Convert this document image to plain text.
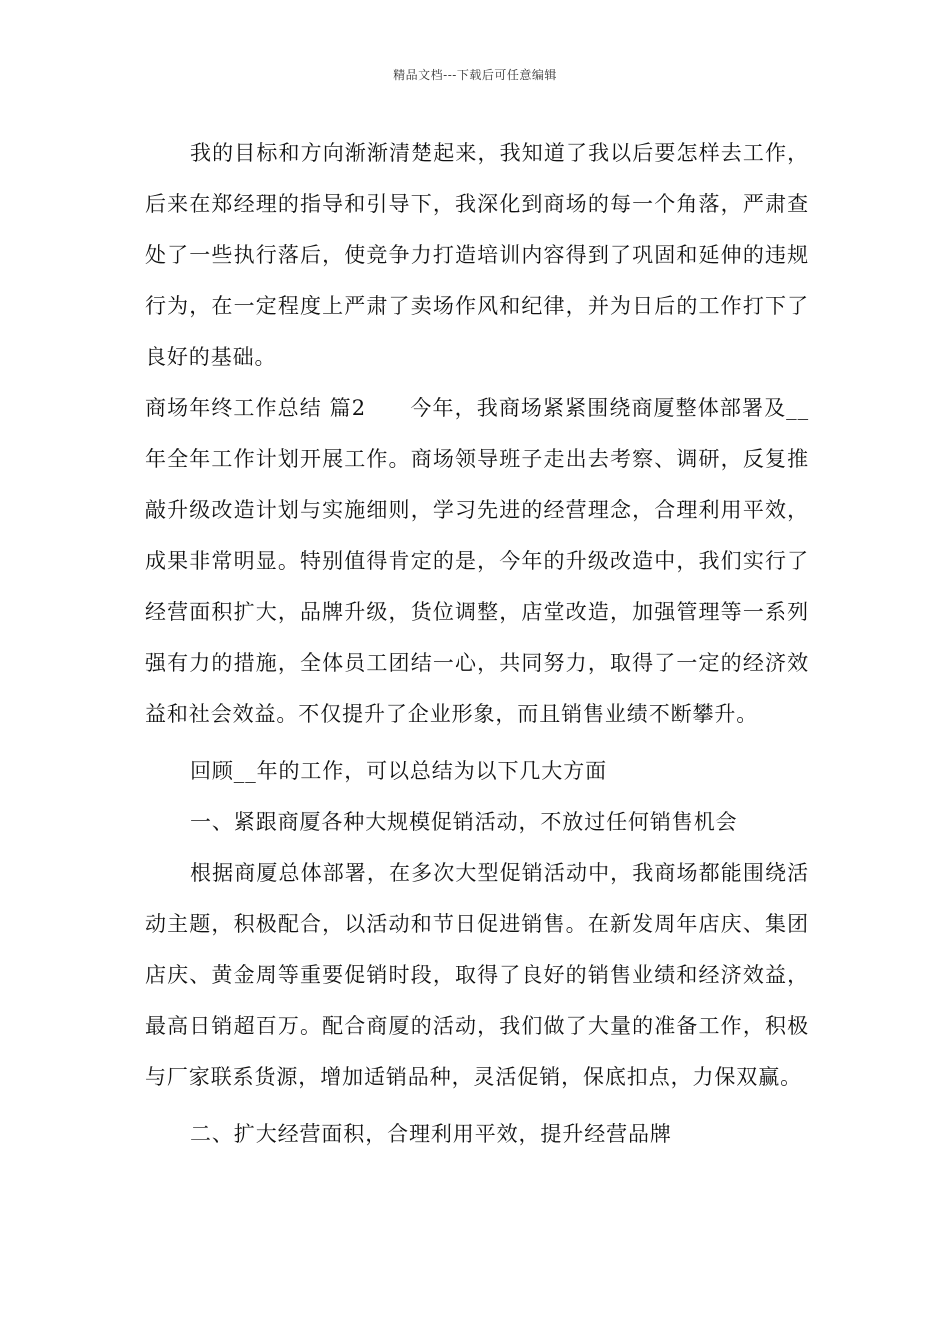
精品文档---下载后可任意编辑

我的目标和方向渐渐清楚起来，我知道了我以后要怎样去工作，后来在郑经理的指导和引导下，我深化到商场的每一个角落，严肃查处了一些执行落后，使竞争力打造培训内容得到了巩固和延伸的违规行为，在一定程度上严肃了卖场作风和纪律，并为日后的工作打下了良好的基础。

商场年终工作总结 篇2　　 今年，我商场紧紧围绕商厦整体部署及__年全年工作计划开展工作。商场领导班子走出去考察、调研，反复推敲升级改造计划与实施细则，学习先进的经营理念，合理利用平效，成果非常明显。特别值得肯定的是，今年的升级改造中，我们实行了经营面积扩大，品牌升级，货位调整，店堂改造，加强管理等一系列强有力的措施，全体员工团结一心，共同努力，取得了一定的经济效益和社会效益。不仅提升了企业形象，而且销售业绩不断攀升。

回顾__年的工作，可以总结为以下几大方面

一、紧跟商厦各种大规模促销活动，不放过任何销售机会

根据商厦总体部署，在多次大型促销活动中，我商场都能围绕活动主题，积极配合，以活动和节日促进销售。在新发周年店庆、集团店庆、黄金周等重要促销时段，取得了良好的销售业绩和经济效益，最高日销超百万。配合商厦的活动，我们做了大量的准备工作，积极与厂家联系货源，增加适销品种，灵活促销，保底扣点，力保双赢。

二、扩大经营面积，合理利用平效，提升经营品牌
